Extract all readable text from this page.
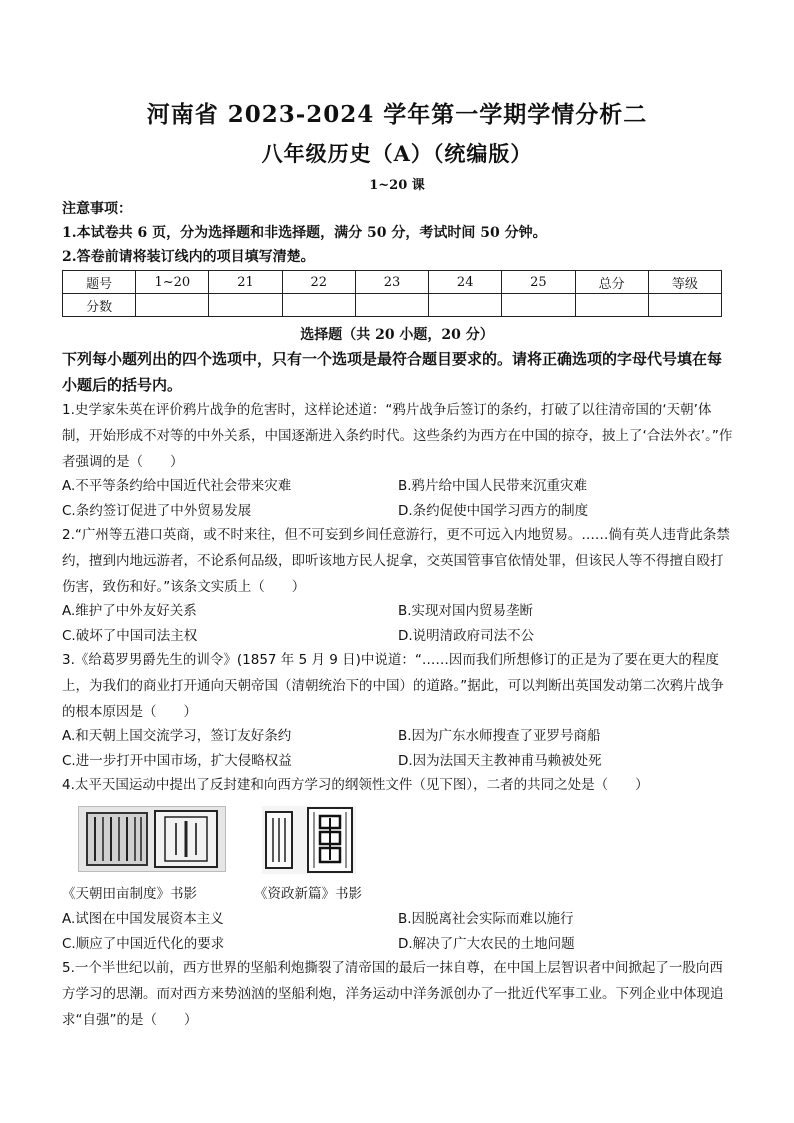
河南省 2023-2024 学年第一学期学情分析二
八年级历史（A）（统编版）
1~20 课
注意事项：
1.本试卷共 6 页，分为选择题和非选择题，满分 50 分，考试时间 50 分钟。
2.答卷前请将装订线内的项目填写清楚。
题号	1~20	21	22	23	24	25	总分	等级
分数								
选择题（共 20 小题，20 分）
下列每小题列出的四个选项中，只有一个选项是最符合题目要求的。请将正确选项的字母代号填在每小题后的括号内。
1.史学家朱英在评价鸦片战争的危害时，这样论述道：“鸦片战争后签订的条约，打破了以往清帝国的‘天朝’体制，开始形成不对等的中外关系，中国逐渐进入条约时代。这些条约为西方在中国的掠夺，披上了‘合法外衣’。”作者强调的是（　　）
A.不平等条约给中国近代社会带来灾难	B.鸦片给中国人民带来沉重灾难
C.条约签订促进了中外贸易发展	D.条约促使中国学习西方的制度
2.“广州等五港口英商，或不时来往，但不可妄到乡间任意游行，更不可远入内地贸易。……倘有英人违背此条禁约，擅到内地远游者，不论系何品级，即听该地方民人捉拿，交英国管事官依情处罪，但该民人等不得擅自殴打伤害，致伤和好。”该条文实质上（　　）
A.维护了中外友好关系	B.实现对国内贸易垄断
C.破坏了中国司法主权	D.说明清政府司法不公
3.《给葛罗男爵先生的训令》(1857 年 5 月 9 日)中说道：“……因而我们所想修订的正是为了要在更大的程度上，为我们的商业打开通向天朝帝国（清朝统治下的中国）的道路。”据此，可以判断出英国发动第二次鸦片战争的根本原因是（　　）
A.和天朝上国交流学习，签订友好条约	B.因为广东水师搜查了亚罗号商船
C.进一步打开中国市场，扩大侵略权益	D.因为法国天主教神甫马赖被处死
4.太平天国运动中提出了反封建和向西方学习的纲领性文件（见下图），二者的共同之处是（　　）
《天朝田亩制度》书影	《资政新篇》书影
A.试图在中国发展资本主义	B.因脱离社会实际而难以施行
C.顺应了中国近代化的要求	D.解决了广大农民的土地问题
5.一个半世纪以前，西方世界的坚船利炮撕裂了清帝国的最后一抹自尊，在中国上层智识者中间掀起了一股向西方学习的思潮。而对西方来势汹汹的坚船利炮，洋务运动中洋务派创办了一批近代军事工业。下列企业中体现追求“自强”的是（　　）
